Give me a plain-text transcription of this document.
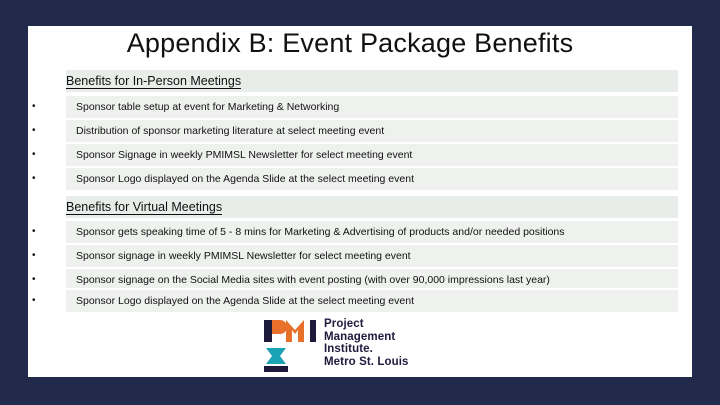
Appendix B: Event Package Benefits
Benefits for In-Person Meetings
•	Sponsor table setup at event for Marketing & Networking
•	Distribution of sponsor marketing literature at select meeting event
•	Sponsor Signage in weekly PMIMSL Newsletter for select meeting event
•	Sponsor Logo displayed on the Agenda Slide at the select meeting event
Benefits for Virtual Meetings
•	Sponsor gets speaking time of 5 - 8 mins for Marketing & Advertising of products and/or needed positions
•	Sponsor signage in weekly PMIMSL Newsletter for select meeting event
•	Sponsor signage on the Social Media sites with event posting (with over 90,000 impressions last year)
•	Sponsor Logo displayed on the Agenda Slide at the select meeting event
Project
Management
Institute.
Metro St. Louis
